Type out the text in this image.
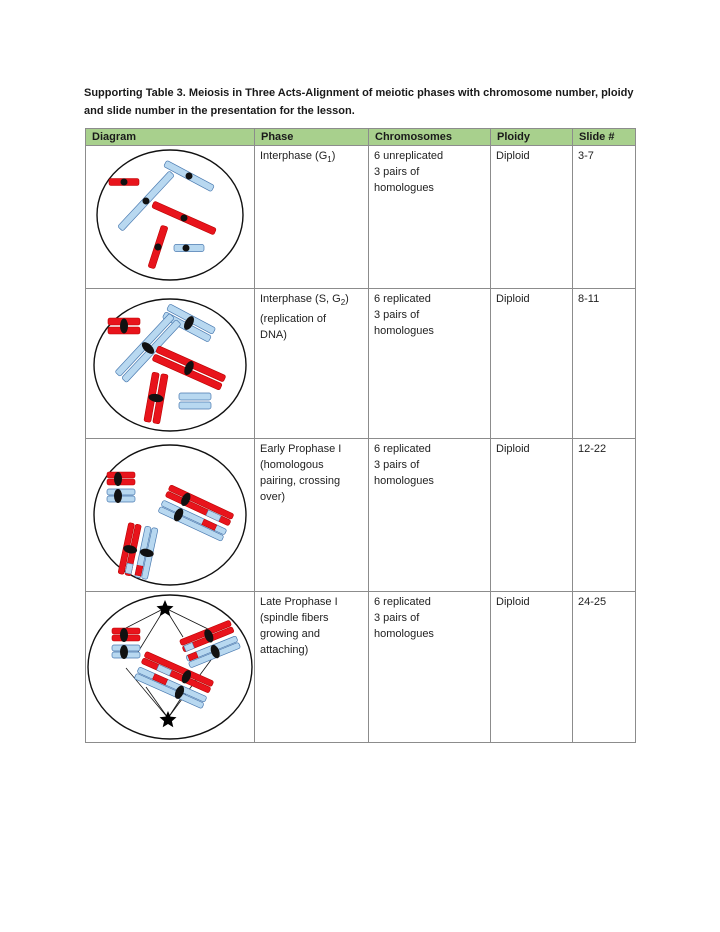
Supporting Table 3. Meiosis in Three Acts-Alignment of meiotic phases with chromosome number, ploidy and slide number in the presentation for the lesson.
Diagram	Phase	Chromosomes	Ploidy	Slide #

Interphase $(G_1)$	6 unreplicated
3 pairs of
homologues	Diploid	3-7

Interphase (S, $G_2$)
(replication of
DNA)	6 replicated
3 pairs of
homologues	Diploid	8-11

Early Prophase I
(homologous
pairing, crossing
over)	6 replicated
3 pairs of
homologues	Diploid	12-22

Late Prophase I
(spindle fibers
growing and
attaching)	6 replicated
3 pairs of
homologues	Diploid	24-25
